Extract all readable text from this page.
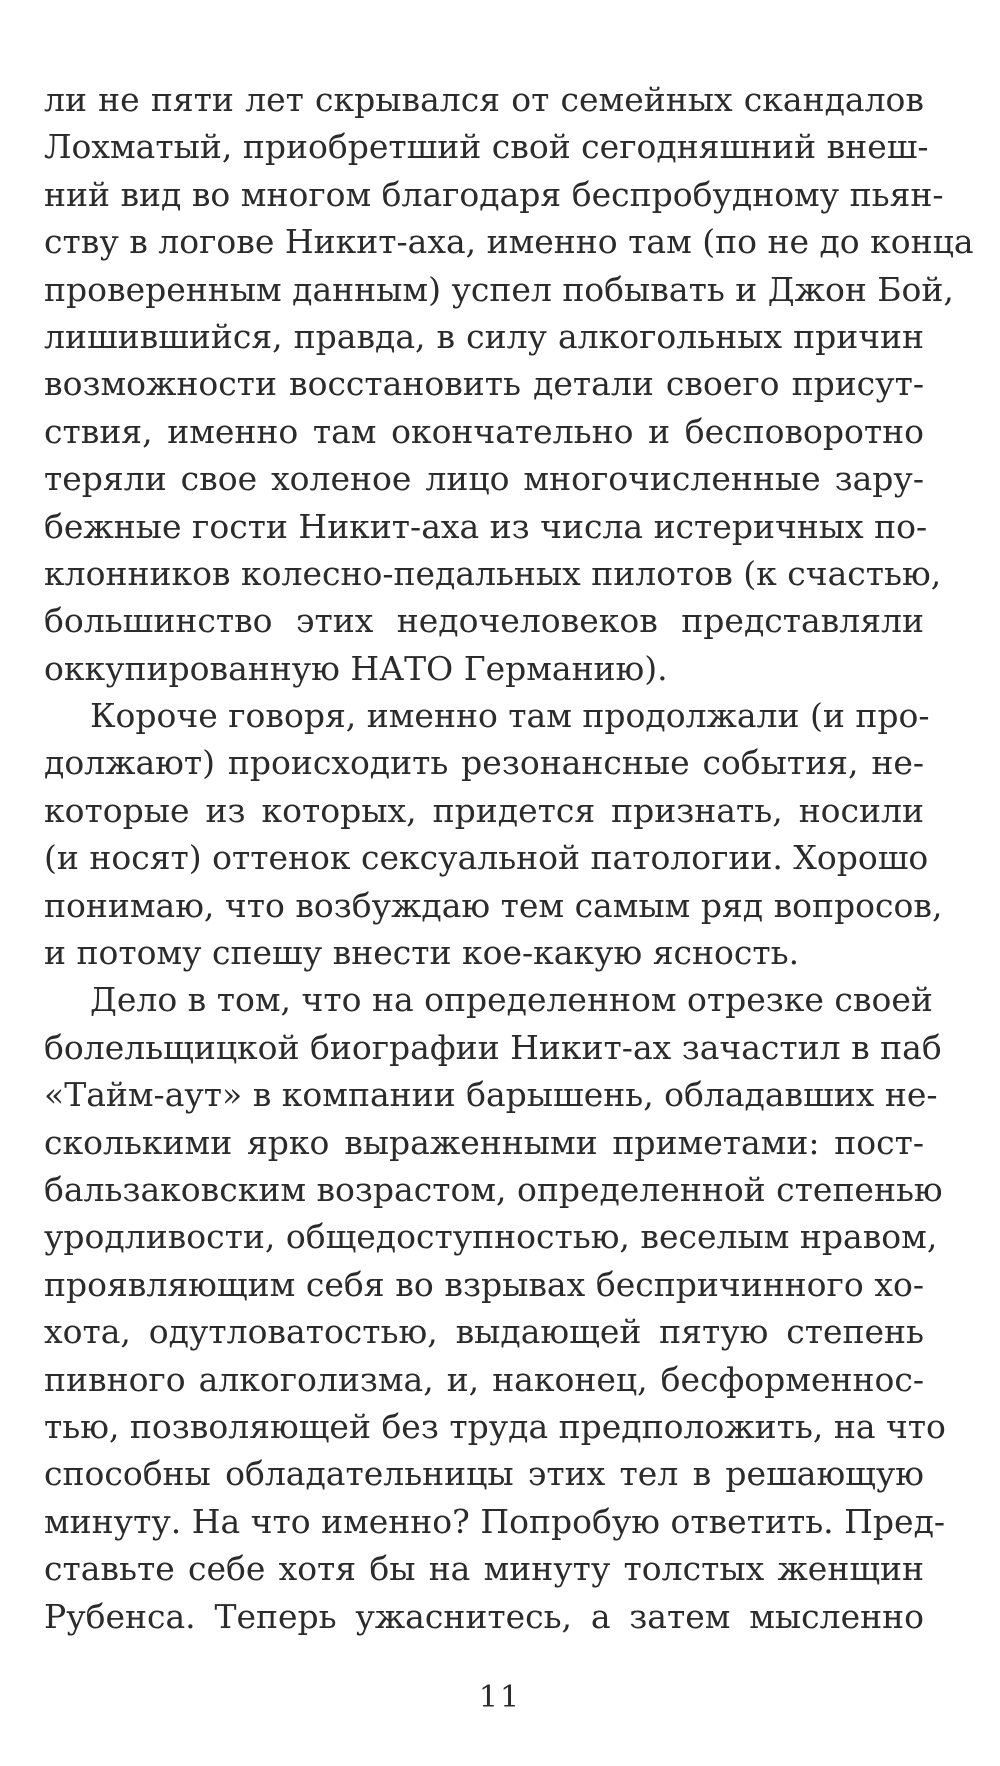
ли не пяти лет скрывался от семейных скандалов
Лохматый, приобретший свой сегодняшний внеш-
ний вид во многом благодаря беспробудному пьян-
ству в логове Никит-аха, именно там (по не до конца
проверенным данным) успел побывать и Джон Бой,
лишившийся, правда, в силу алкогольных причин
возможности восстановить детали своего присут-
ствия, именно там окончательно и бесповоротно
теряли свое холеное лицо многочисленные зару-
бежные гости Никит-аха из числа истеричных по-
клонников колесно-педальных пилотов (к счастью,
большинство этих недочеловеков представляли
оккупированную НАТО Германию).
Короче говоря, именно там продолжали (и про-
должают) происходить резонансные события, не-
которые из которых, придется признать, носили
(и носят) оттенок сексуальной патологии. Хорошо
понимаю, что возбуждаю тем самым ряд вопросов,
и потому спешу внести кое-какую ясность.
Дело в том, что на определенном отрезке своей
болельщицкой биографии Никит-ах зачастил в паб
«Тайм-аут» в компании барышень, обладавших не-
сколькими ярко выраженными приметами: пост-
бальзаковским возрастом, определенной степенью
уродливости, общедоступностью, веселым нравом,
проявляющим себя во взрывах беспричинного хо-
хота, одутловатостью, выдающей пятую степень
пивного алкоголизма, и, наконец, бесформеннос-
тью, позволяющей без труда предположить, на что
способны обладательницы этих тел в решающую
минуту. На что именно? Попробую ответить. Пред-
ставьте себе хотя бы на минуту толстых женщин
Рубенса. Теперь ужаснитесь, а затем мысленно
11
